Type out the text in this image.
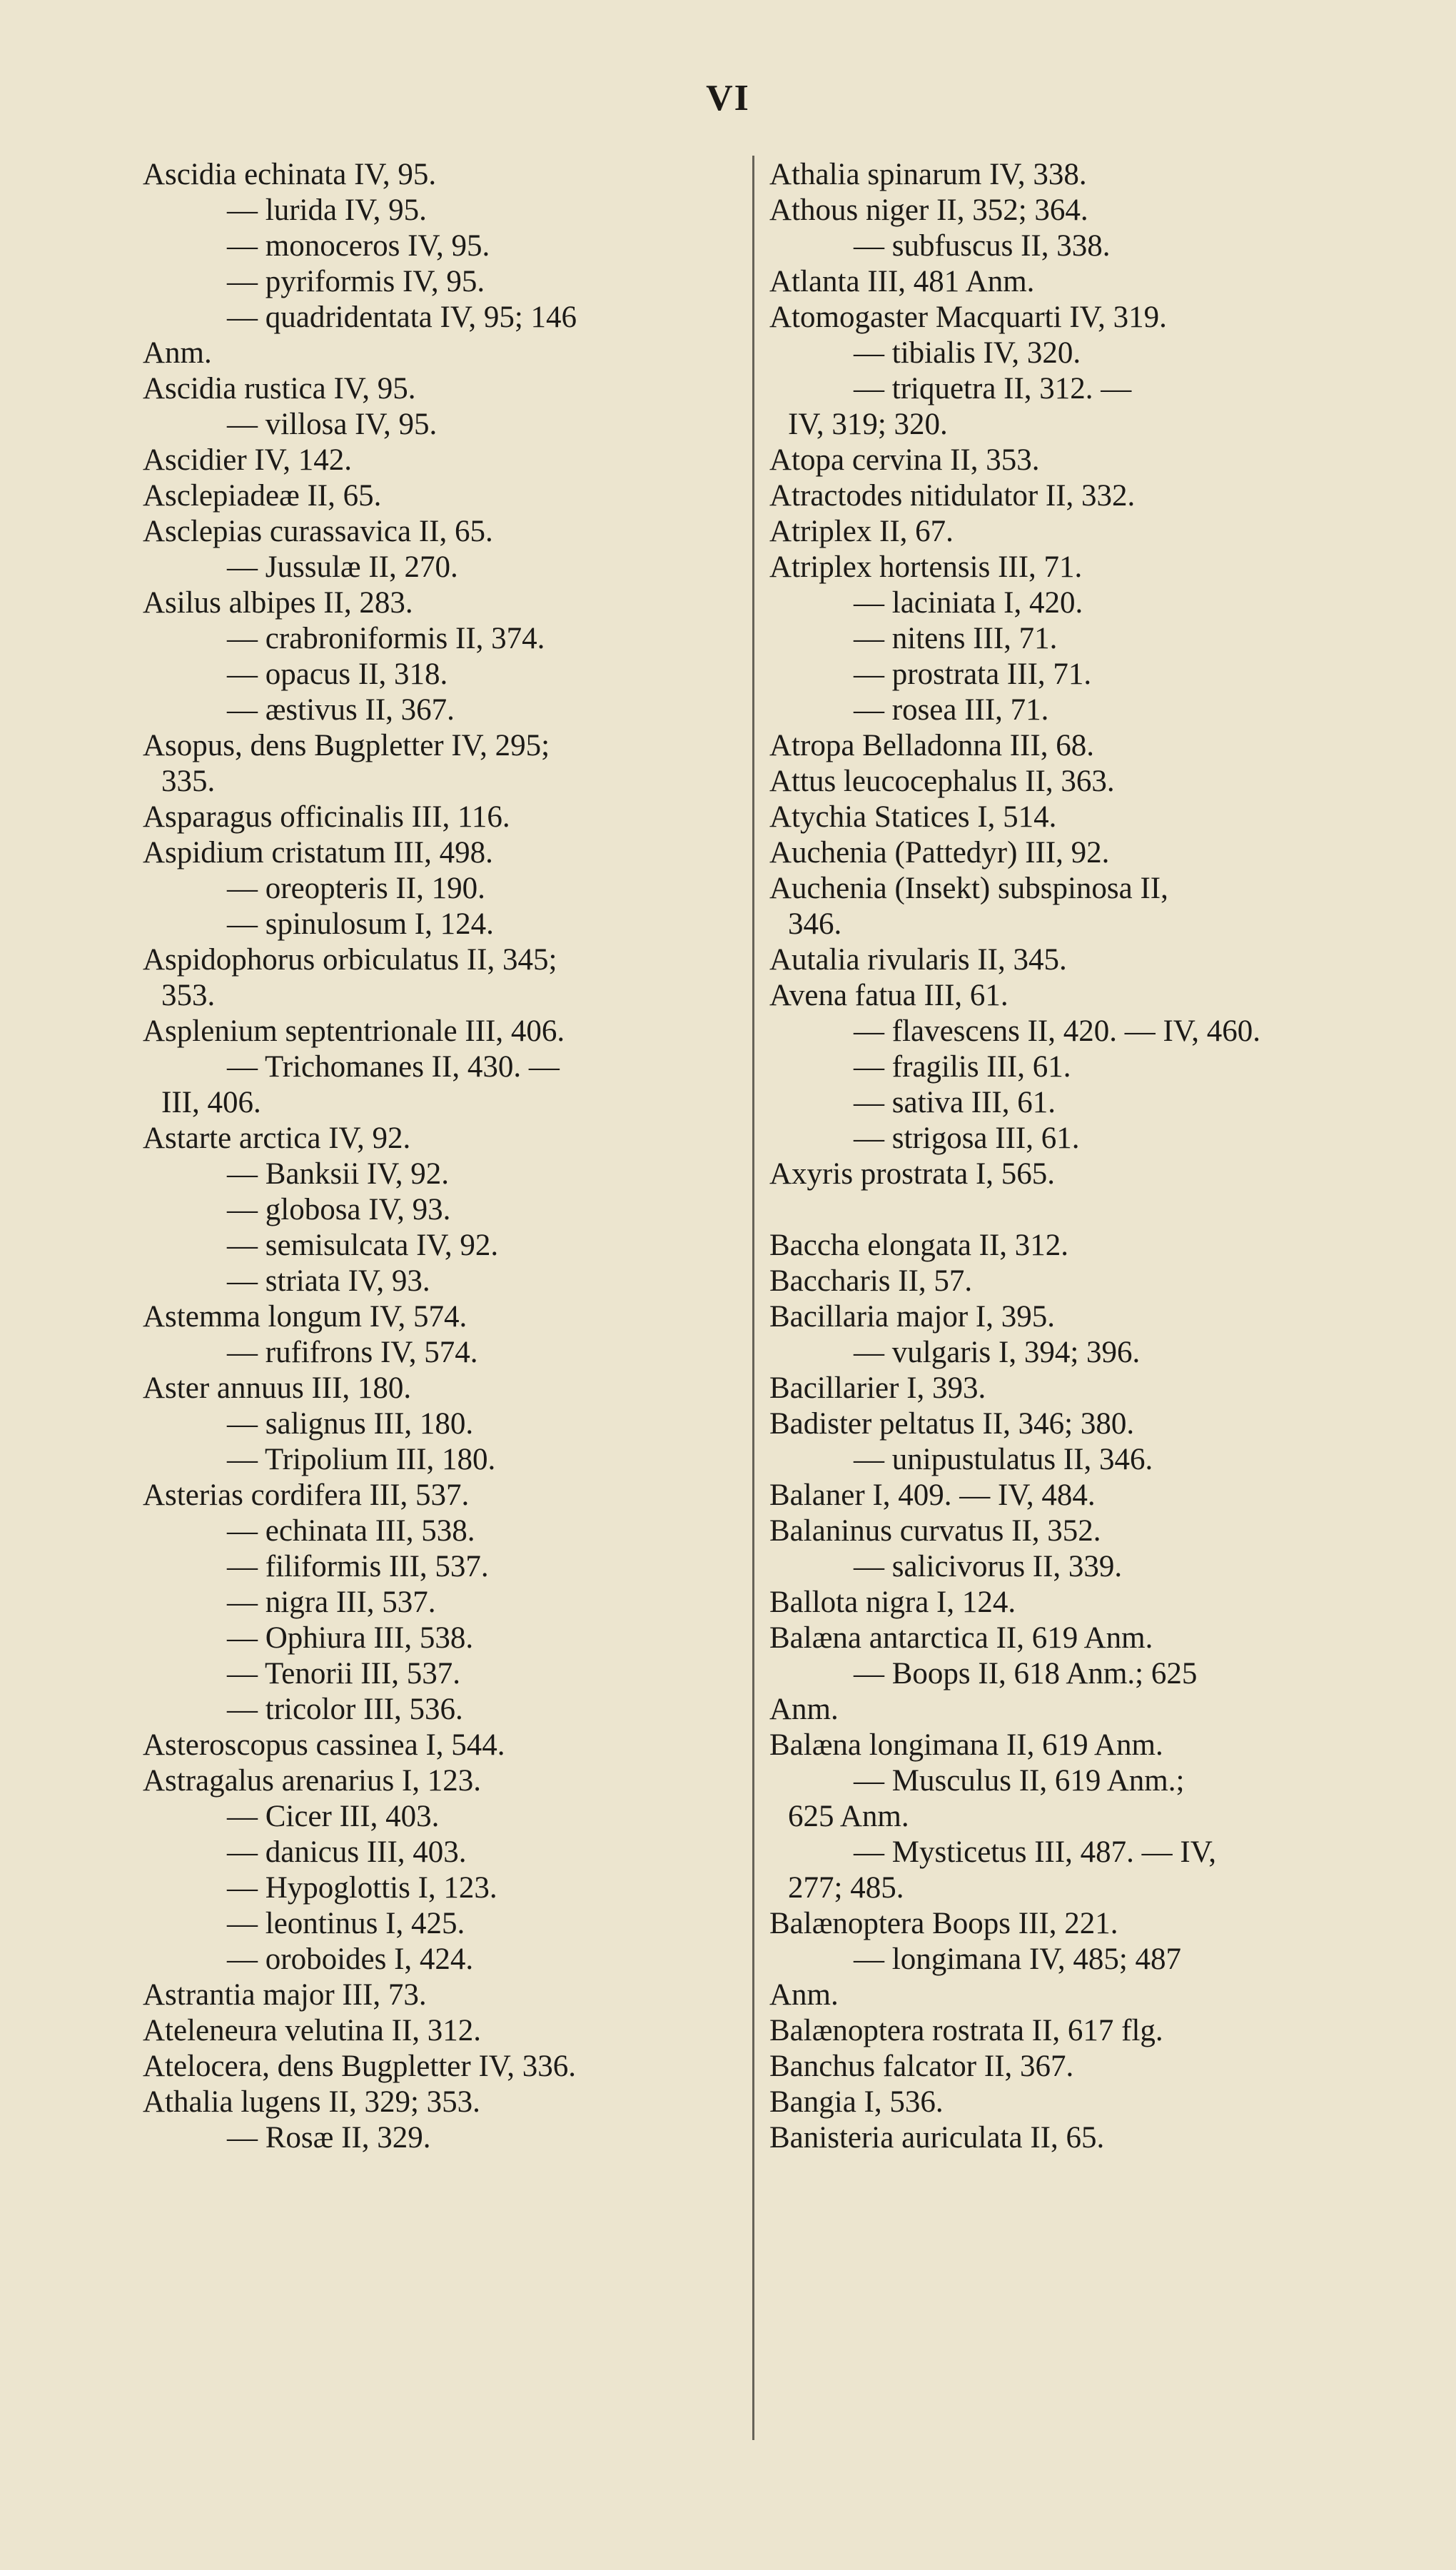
VI
Ascidia echinata IV, 95.
— lurida IV, 95.
— monoceros IV, 95.
— pyriformis IV, 95.
— quadridentata IV, 95; 146
Anm.
Ascidia rustica IV, 95.
— villosa IV, 95.
Ascidier IV, 142.
Asclepiadeæ II, 65.
Asclepias curassavica II, 65.
— Jussulæ II, 270.
Asilus albipes II, 283.
— crabroniformis II, 374.
— opacus II, 318.
— æstivus II, 367.
Asopus, dens Bugpletter IV, 295;
335.
Asparagus officinalis III, 116.
Aspidium cristatum III, 498.
— oreopteris II, 190.
— spinulosum I, 124.
Aspidophorus orbiculatus II, 345;
353.
Asplenium septentrionale III, 406.
— Trichomanes II, 430. —
III, 406.
Astarte arctica IV, 92.
— Banksii IV, 92.
— globosa IV, 93.
— semisulcata IV, 92.
— striata IV, 93.
Astemma longum IV, 574.
— rufifrons IV, 574.
Aster annuus III, 180.
— salignus III, 180.
— Tripolium III, 180.
Asterias cordifera III, 537.
— echinata III, 538.
— filiformis III, 537.
— nigra III, 537.
— Ophiura III, 538.
— Tenorii III, 537.
— tricolor III, 536.
Asteroscopus cassinea I, 544.
Astragalus arenarius I, 123.
— Cicer III, 403.
— danicus III, 403.
— Hypoglottis I, 123.
— leontinus I, 425.
— oroboides I, 424.
Astrantia major III, 73.
Ateleneura velutina II, 312.
Atelocera, dens Bugpletter IV, 336.
Athalia lugens II, 329; 353.
— Rosæ II, 329.
Athalia spinarum IV, 338.
Athous niger II, 352; 364.
— subfuscus II, 338.
Atlanta III, 481 Anm.
Atomogaster Macquarti IV, 319.
— tibialis IV, 320.
— triquetra II, 312. —
IV, 319; 320.
Atopa cervina II, 353.
Atractodes nitidulator II, 332.
Atriplex II, 67.
Atriplex hortensis III, 71.
— laciniata I, 420.
— nitens III, 71.
— prostrata III, 71.
— rosea III, 71.
Atropa Belladonna III, 68.
Attus leucocephalus II, 363.
Atychia Statices I, 514.
Auchenia (Pattedyr) III, 92.
Auchenia (Insekt) subspinosa II,
346.
Autalia rivularis II, 345.
Avena fatua III, 61.
— flavescens II, 420. — IV, 460.
— fragilis III, 61.
— sativa III, 61.
— strigosa III, 61.
Axyris prostrata I, 565.
Baccha elongata II, 312.
Baccharis II, 57.
Bacillaria major I, 395.
— vulgaris I, 394; 396.
Bacillarier I, 393.
Badister peltatus II, 346; 380.
— unipustulatus II, 346.
Balaner I, 409. — IV, 484.
Balaninus curvatus II, 352.
— salicivorus II, 339.
Ballota nigra I, 124.
Balæna antarctica II, 619 Anm.
— Boops II, 618 Anm.; 625
Anm.
Balæna longimana II, 619 Anm.
— Musculus II, 619 Anm.;
625 Anm.
— Mysticetus III, 487. — IV,
277; 485.
Balænoptera Boops III, 221.
— longimana IV, 485; 487
Anm.
Balænoptera rostrata II, 617 flg.
Banchus falcator II, 367.
Bangia I, 536.
Banisteria auriculata II, 65.
